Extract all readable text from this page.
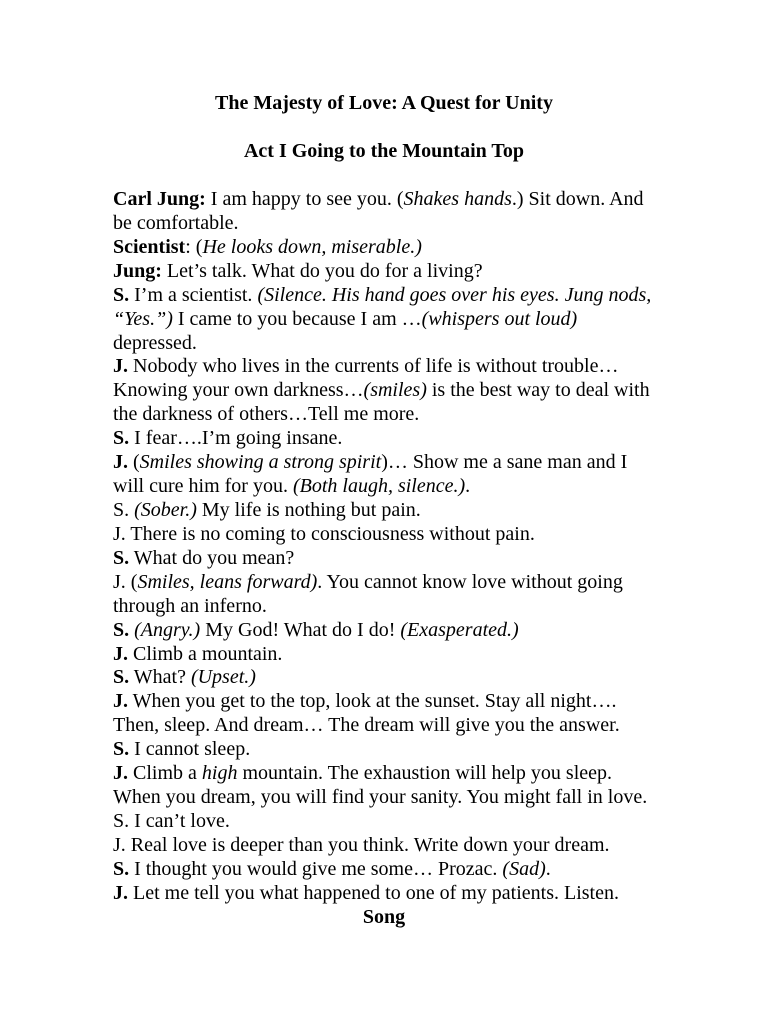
The Majesty of Love: A Quest for Unity
Act I Going to the Mountain Top
Carl Jung: I am happy to see you. (Shakes hands.) Sit down. And
be comfortable.
Scientist: (He looks down, miserable.)
Jung: Let’s talk. What do you do for a living?
S. I’m a scientist. (Silence. His hand goes over his eyes. Jung nods,
“Yes.”) I came to you because I am …(whispers out loud)
depressed.
J. Nobody who lives in the currents of life is without trouble…
Knowing your own darkness…(smiles) is the best way to deal with
the darkness of others…Tell me more.
S. I fear….I’m going insane.
J. (Smiles showing a strong spirit)… Show me a sane man and I
will cure him for you. (Both laugh, silence.).
S. (Sober.) My life is nothing but pain.
J. There is no coming to consciousness without pain.
S. What do you mean?
J. (Smiles, leans forward). You cannot know love without going
through an inferno.
S. (Angry.) My God! What do I do! (Exasperated.)
J. Climb a mountain.
S. What? (Upset.)
J. When you get to the top, look at the sunset. Stay all night….
Then, sleep. And dream… The dream will give you the answer.
S. I cannot sleep.
J. Climb a high mountain. The exhaustion will help you sleep.
When you dream, you will find your sanity. You might fall in love.
S. I can’t love.
J. Real love is deeper than you think. Write down your dream.
S. I thought you would give me some… Prozac. (Sad).
J. Let me tell you what happened to one of my patients. Listen.
Song
